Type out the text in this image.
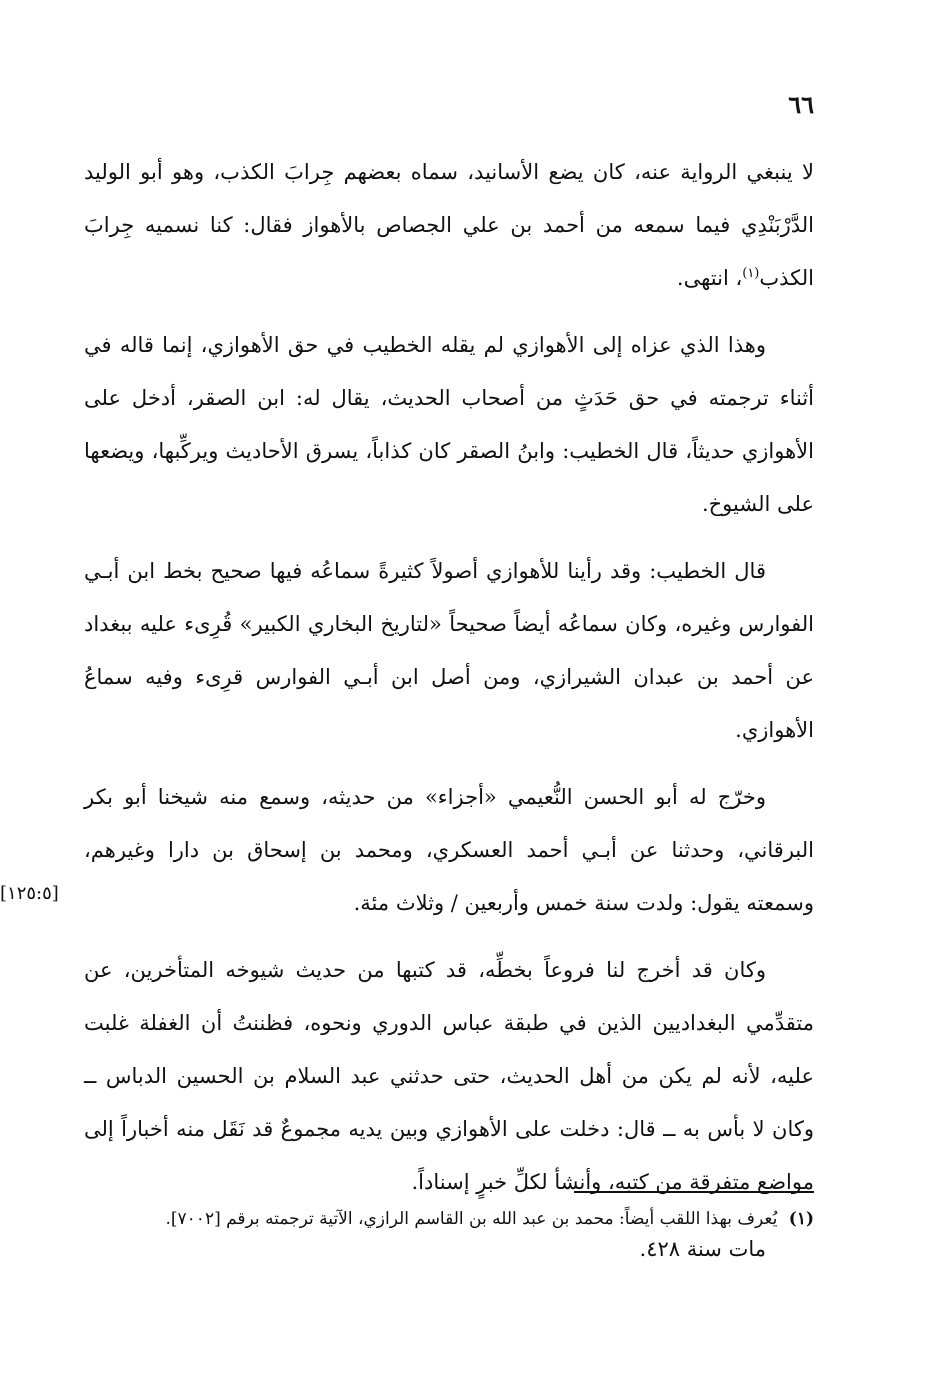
٦٦

لا ينبغي الرواية عنه، كان يضع الأسانيد، سماه بعضهم جِرابَ الكذب، وهو أبو الوليد الدَّرْبَنْدِي فيما سمعه من أحمد بن علي الجصاص بالأهواز فقال: كنا نسميه جِرابَ الكذب$^{(١)}$، انتهى.

وهذا الذي عزاه إلى الأهوازي لم يقله الخطيب في حق الأهوازي، إنما قاله في أثناء ترجمته في حق حَدَثٍ من أصحاب الحديث، يقال له: ابن الصقر، أدخل على الأهوازي حديثاً، قال الخطيب: وابنُ الصقر كان كذاباً، يسرق الأحاديث ويركِّبها، ويضعها على الشيوخ.

قال الخطيب: وقد رأينا للأهوازي أصولاً كثيرةً سماعُه فيها صحيح بخط ابن أبـي الفوارس وغيره، وكان سماعُه أيضاً صحيحاً «لتاريخ البخاري الكبير» قُرِىء عليه ببغداد عن أحمد بن عبدان الشيرازي، ومن أصل ابن أبـي الفوارس قرِىء وفيه سماعُ الأهوازي.

وخرّج له أبو الحسن النُّعيمي «أجزاء» من حديثه، وسمع منه شيخنا أبو بكر البرقاني، وحدثنا عن أبـي أحمد العسكري، ومحمد بن إسحاق بن دارا وغيرهم، وسمعته يقول: ولدت سنة خمس وأربعين / وثلاث مئة.
[١٢٥:٥]

وكان قد أخرج لنا فروعاً بخطِّه، قد كتبها من حديث شيوخه المتأخرين، عن متقدِّمي البغداديين الذين في طبقة عباس الدوري ونحوه، فظننتُ أن الغفلة غلبت عليه، لأنه لم يكن من أهل الحديث، حتى حدثني عبد السلام بن الحسين الدباس ــ وكان لا بأس به ــ قال: دخلت على الأهوازي وبين يديه مجموعٌ قد نَقَل منه أخباراً إلى مواضع متفرقة من كتبه، وأنشأ لكلِّ خبرٍ إسناداً.

مات سنة ٤٢٨.

(١) يُعرف بهذا اللقب أيضاً: محمد بن عبد الله بن القاسم الرازي، الآتية ترجمته برقم [٧٠٠٢].
